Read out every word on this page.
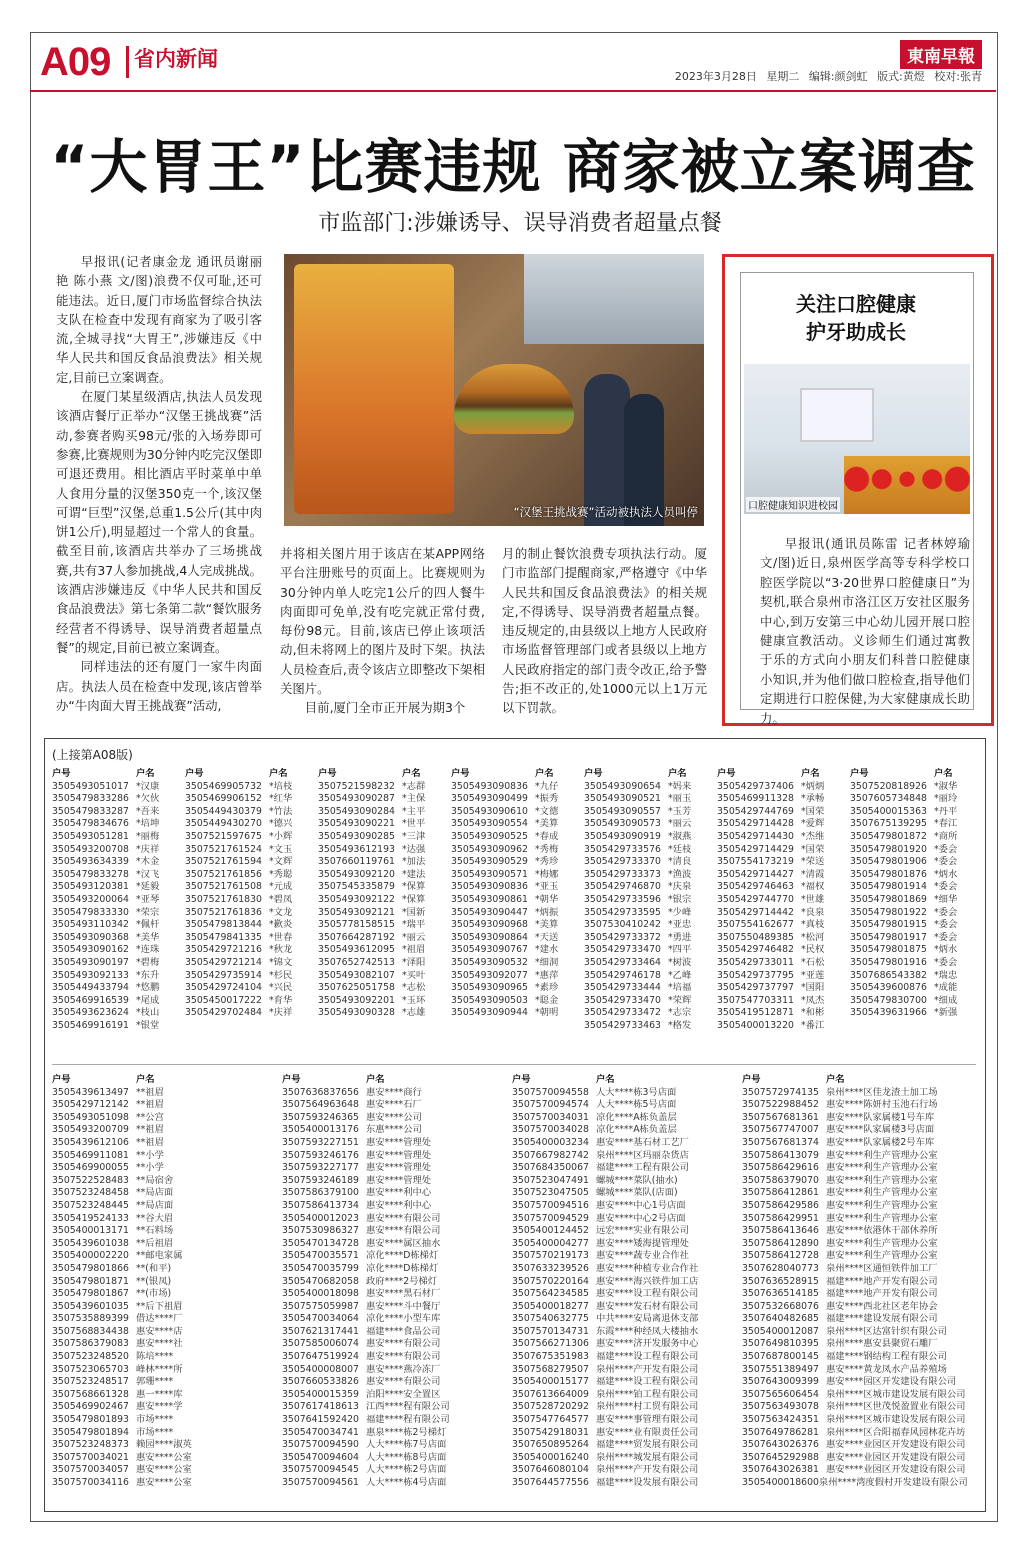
A09 省内新闻	東南早報
2023年3月28日 星期二 编辑:颜剑虹 版式:黄煜 校对:张青
“大胃王”比赛违规 商家被立案调查
市监部门:涉嫌诱导、误导消费者超量点餐

早报讯(记者康金龙 通讯员谢丽艳 陈小燕 文/图)浪费不仅可耻,还可能违法。近日,厦门市场监督综合执法支队在检查中发现有商家为了吸引客流,全城寻找“大胃王”,涉嫌违反《中华人民共和国反食品浪费法》相关规定,目前已立案调查。

在厦门某星级酒店,执法人员发现该酒店餐厅正举办“汉堡王挑战赛”活动,参赛者购买98元/张的入场券即可参赛,比赛规则为30分钟内吃完汉堡即可退还费用。相比酒店平时菜单中单人食用分量的汉堡350克一个,该汉堡可谓“巨型”汉堡,总重1.5公斤(其中肉饼1公斤),明显超过一个常人的食量。截至目前,该酒店共举办了三场挑战赛,共有37人参加挑战,4人完成挑战。该酒店涉嫌违反《中华人民共和国反食品浪费法》第七条第二款“餐饮服务经营者不得诱导、误导消费者超量点餐”的规定,目前已被立案调查。

同样违法的还有厦门一家牛肉面店。执法人员在检查中发现,该店曾举办“牛肉面大胃王挑战赛”活动,

“汉堡王挑战赛”活动被执法人员叫停

并将相关图片用于该店在某APP网络平台注册账号的页面上。比赛规则为30分钟内单人吃完1公斤的四人餐牛肉面即可免单,没有吃完就正常付费,每份98元。目前,该店已停止该项活动,但未将网上的图片及时下架。执法人员检查后,责令该店立即整改下架相关图片。

目前,厦门全市正开展为期3个

月的制止餐饮浪费专项执法行动。厦门市监部门提醒商家,严格遵守《中华人民共和国反食品浪费法》的相关规定,不得诱导、误导消费者超量点餐。违反规定的,由县级以上地方人民政府市场监督管理部门或者县级以上地方人民政府指定的部门责令改正,给予警告;拒不改正的,处1000元以上1万元以下罚款。

关注口腔健康
护牙助成长
口腔健康知识进校园

早报讯(通讯员陈雷 记者林婷瑜 文/图)近日,泉州医学高等专科学校口腔医学院以“3·20世界口腔健康日”为契机,联合泉州市洛江区万安社区服务中心,到万安第三中心幼儿园开展口腔健康宣教活动。义诊师生们通过寓教于乐的方式向小朋友们科普口腔健康小知识,并为他们做口腔检查,指导他们定期进行口腔保健,为大家健康成长助力。

(上接第A08版)
户号	户名
3505493051017 *汉康
3505479833286 *欠伙
3505479833287 *吾来
3505479834676 *培坤
3505493051281 *丽梅
3505493200708 *庆祥
3505493634339 *木金
3505479833278 *汉飞
3505493120381 *延毅
3505493200064 *亚琴
3505479833330 *荣宗
3505493110342 *佩杆
3505493090368 *美华
3505493090162 *连珠
3505493090197 *碧梅
3505493092133 *东升
3505449433794 *悠鹏
3505469916539 *尾成
3505493623624 *枝山
3505469916191 *银堂
户号	户名
3505469905732 *培枝
3505469906152 *红华
3505449430379 *竹法
3505449430270 *德兴
3507521597675 *小辉
3507521761524 *文玉
3507521761594 *文辉
3507521761856 *秀聪
3507521761508 *元成
3507521761830 *碧凤
3507521761836 *文龙
3505479813844 *歉炎
3505479841335 *世春
3505429721216 *秋龙
3505429721214 *锦文
3505429735914 *杉民
3505429724104 *兴民
3505450017222 *育华
3505429702484 *庆祥
户号	户名
3507521598232 *志群
3505493090287 *主保
3505493090284 *主平
3505493090221 *世平
3505493090285 *三津
3505493612193 *达强
3507660119761 *加法
3505493092120 *建法
3507545335879 *保算
3505493092122 *保算
3505493092121 *国新
3505778158515 *瑞平
3507664287192 *丽云
3505493612095 *祖眉
3507652742513 *泽阳
3505493082107 *买叶
3507625051758 *志松
3505493092201 *玉环
3505493090328 *志雄
户号	户名
3505493090836 *九仔
3505493090499 *振秀
3505493090610 *文德
3505493090554 *美算
3505493090525 *春成
3505493090962 *秀梅
3505493090529 *秀珍
3505493090571 *梅娜
3505493090836 *亚玉
3505493090861 *朝华
3505493090447 *炳振
3505493090968 *美算
3505493090864 *天送
3505493090767 *建水
3505493090532 *细洞
3505493092077 *惠萍
3505493090965 *素珍
3505493090503 *聪金
3505493090944 *朝明
户号	户名
3505493090654 *妈来
3505493090521 *丽玉
3505493090557 *玉芳
3505493090573 *丽云
3505493090919 *淑燕
3505429733576 *廷枝
3505429733370 *清良
3505429733373 *渔波
3505429746870 *庆泉
3505429733596 *银宗
3505429733595 *少峰
3507530410242 *亚忠
3505429733372 *勇进
3505429733470 *四平
3505429733464 *树波
3505429746178 *乙峰
3505429733444 *培福
3505429733470 *荣辉
3505429733472 *志宗
3505429733463 *格发
户号	户名
3505429737406 *炳炳
3505469911328 *承畅
3505429744769 *国荣
3505429714428 *爱辉
3505429714430 *杰维
3505429714429 *国荣
3507554173219 *荣送
3505429714427 *清霞
3505429746463 *福权
3505429744770 *世雄
3505429714442 *良泉
3507554162677 *真枝
3507550489385 *松河
3505429746482 *民权
3505429733011 *石松
3505429737795 *亚莲
3505429737797 *国阳
3507547703311 *凤杰
3505419512871 *和彬
3505400013220 *番江
户号	户名
3507520818926 *淑华
3507605734848 *丽玲
3505400015363 *丹平
3507675139295 *春江
3505479801872 *商所
3505479801920 *委会
3505479801906 *委会
3505479801876 *炳水
3505479801914 *委会
3505479801869 *细华
3505479801922 *委会
3505479801915 *委会
3505479801917 *委会
3505479801875 *炳水
3505479801916 *委会
3507686543382 *瑞忠
3505439600876 *成能
3505479830700 *细成
3505439631966 *新强
户号	户名
3505439613497 **祖眉
3505429712142 **祖眉
3505493051098 **公宫
3505493200709 **祖眉
3505439612106 **祖眉
3505469911081 **小学
3505469900055 **小学
3507522528483 **局宿舍
3507523248458 **局店面
3507523248445 **局店面
3505419524133 **谷大眉
3505400013171 **石料场
3505439601038 **后祖眉
3505400002220 **邮电家属
3505479801866 **(和平)
3505479801871 **(银凤)
3505479801867 **(市场)
3505439601035 **后下祖眉
3507535889399 借达****厂
3507568834438 惠安****店
3507586379083 惠安****社
3507523248520 陈培****
3507523065703 峰林****所
3507523248517 郭珊****
3507568661328 惠一****库
3505469902467 惠安****学
3505479801893 市场****
3505479801894 市场****
3507523248373 赖园****淑英
3507570034021 惠安****公室
3507570034057 惠安****公室
3507570034116 惠安****公室
户号	户名
3507636837656 惠安****商行
3507564963648 惠安****石厂
3507593246365 惠安****公司
3505400013176 东惠****公司
3507593227151 惠安****管理处
3507593246176 惠安****管理处
3507593227177 惠安****管理处
3507593246189 惠安****管理处
3507586379100 惠安****利中心
3507586413734 惠安****利中心
3505400012023 惠安****有限公司
3507530986327 惠安****有限公司
3505470134728 惠安****属区抽水
3505470035571 凉化****D栋梯灯
3505470035799 凉化****D栋梯灯
3505470682058 政府****2号梯灯
3505400018098 惠安****黑石材厂
3507575059987 惠安****斗中餐厅
3505470034064 凉化****小型车库
3507621317441 福建****食品公司
3507585006074 惠安****有限公司
3507647519924 惠安****有限公司
3505400008007 惠安****燕冷冻厂
3507660533826 惠安****有限公司
3505400015359 泊阳****安全置区
3507617418613 江西****程有限公司
3507641592420 福建****程有限公司
3505470034741 惠泉****栋2号梯灯
3507570094590 人大****栋7号店面
3505470094604 人大****栋8号店面
3507570094545 人大****栋2号店面
3507570094561 人大****栋4号店面
户号	户名
3507570094558 人大****栋3号店面
3507570094574 人大****栋5号店面
3507570034031 凉化****A栋负盖层
3507570034028 凉化****A栋负盖层
3505400003234 惠安****基石材工艺厂
3507667982742 泉州****区玛丽杂货店
3507684350067 福建****工程有限公司
3507523047491 螺城****菜队(抽水)
3507523047505 螺城****菜队(店面)
3507570094516 惠安****中心1号店面
3507570094529 惠安****中心2号店面
3505400124452 远宏****实业有限公司
3505400004277 惠安****矮海提管理处
3507570219173 惠安****蔬专业合作社
3507633239526 惠安****种植专业合作社
3507570220164 惠安****海兴铁件加工店
3507564234585 惠安****设工程有限公司
3505400018277 惠安****发石材有限公司
3507540632775 中共****安局离退休支部
3507570134731 东霞****种经凤大楼抽水
3507566271306 惠安****济开发服务中心
3507675351983 福建****设工程有限公司
3507568279507 泉州****产开发有限公司
3505400015177 福建****设工程有限公司
3507613664009 泉州****铂工程有限公司
3507528720292 泉州****村工贸有限公司
3507547764577 惠安****事管理有限公司
3507542918031 惠安****业有限责任公司
3507650895264 福建****贸发展有限公司
3505400016240 泉州****城发展有限公司
3507646080104 泉州****产开发有限公司
3507644577556 福建****设发展有限公司
户号	户名
3507572974135 泉州****区佳龙渣土加工场
3507522988452 惠安****陈妍村玉池石行场
3507567681361 惠安****队家属楼1号车库
3507567747007 惠安****队家属楼3号店面
3507567681374 惠安****队家属楼2号车库
3507586413079 惠安****利生产管理办公室
3507586429616 惠安****利生产管理办公室
3507586379070 惠安****利生产管理办公室
3507586412861 惠安****利生产管理办公室
3507586429586 惠安****利生产管理办公室
3507586429951 惠安****利生产管理办公室
3507586413646 惠安****依港休干部休养所
3507586412890 惠安****利生产管理办公室
3507586412728 惠安****利生产管理办公室
3507628040773 泉州****区通恒铁件加工厂
3507636528915 福建****地产开发有限公司
3507636514185 福建****地产开发有限公司
3507532668076 惠安****西北社区老年协会
3507640482685 福建****建设发展有限公司
3505400012087 泉州****区达富针织有限公司
3507649810395 泉州****惠安县聚贸石雕厂
3507687800145 福建****钢结构工程有限公司
3507551389497 惠安****黄龙凤水产品养殖场
3507643009399 惠安****园区开发建设有限公司
3507565606454 泉州****区城市建设发展有限公司
3507563493078 泉州****区世茂悦盈置业有限公司
3507563424351 泉州****区城市建设发展有限公司
3507649786281 泉州****区合阳福春风园林花卉坊
3507643026376 惠安****业园区开发建设有限公司
3507645292988 惠安****业园区开发建设有限公司
3507643026381 惠安****业园区开发建设有限公司
3505400018600 泉州****湾度假村开发建设有限公司
